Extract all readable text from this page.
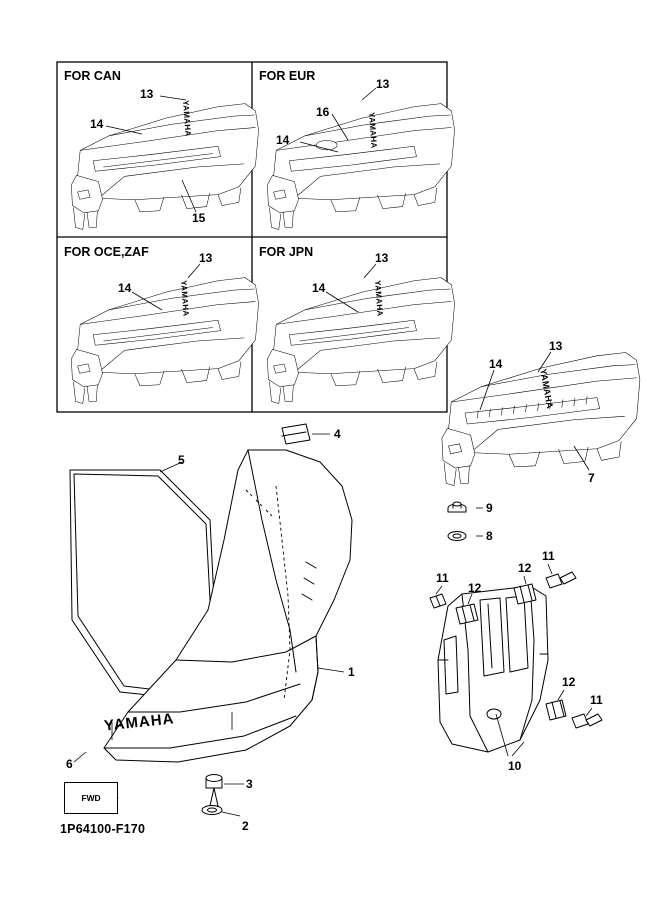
FOR CAN	FOR EUR
FOR OCE,ZAF	FOR JPN
13
14
15
13
16
14
13
14
13
14
13
14
7
9
8
5
4
1
6
3
2
11
12
12
11
12
11
10
YAMAHA	YAMAHA
YAMAHA	YAMAHA
YAMAHA
YAMAHA
FWD
1P64100-F170
